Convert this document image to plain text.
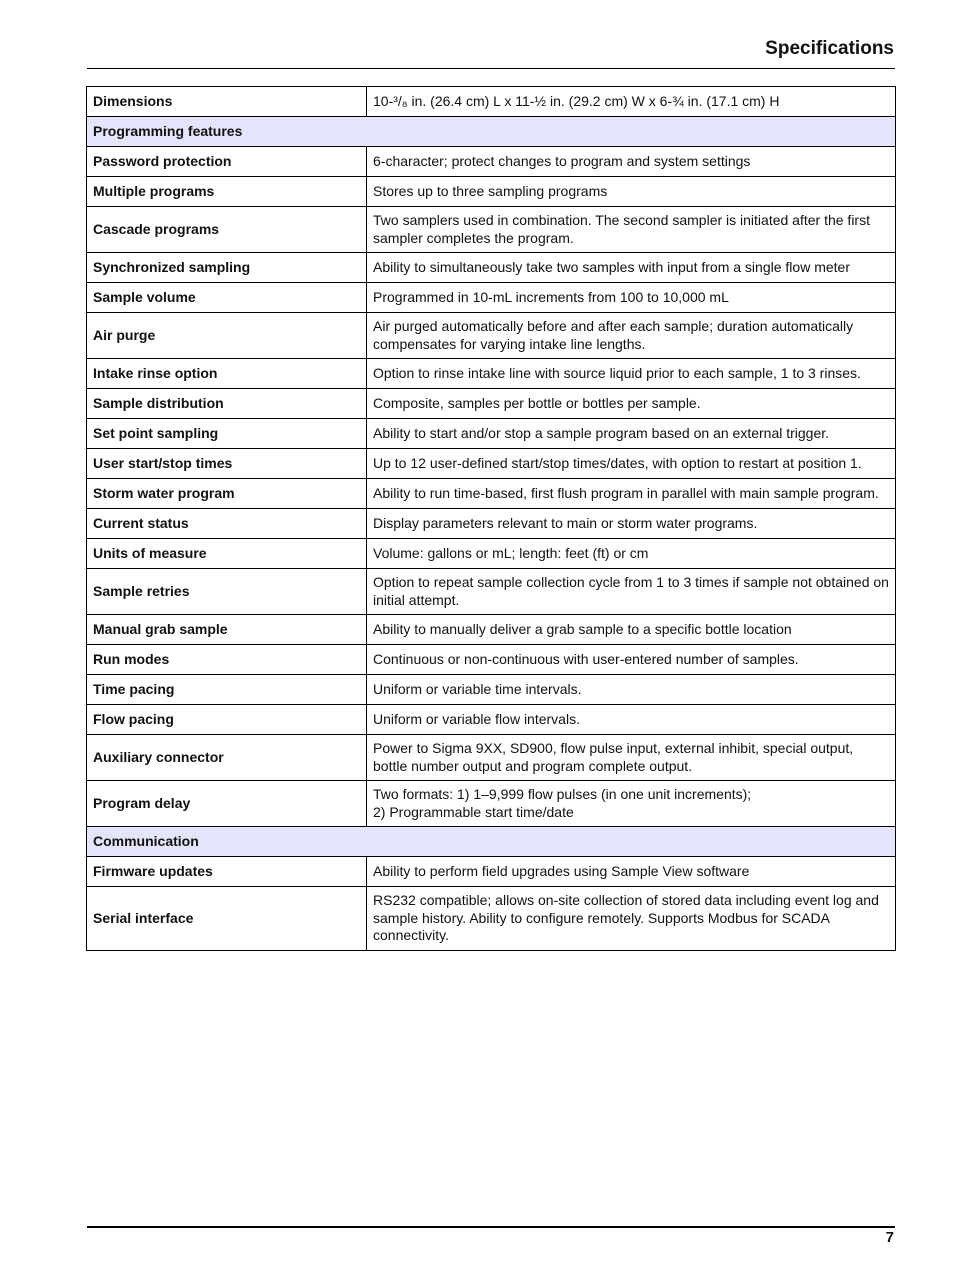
Specifications
Dimensions	10-³/₈ in. (26.4 cm) L x 11-½ in. (29.2 cm) W x 6-¾ in. (17.1 cm) H
Programming features	
Password protection	6-character; protect changes to program and system settings
Multiple programs	Stores up to three sampling programs
Cascade programs	Two samplers used in combination. The second sampler is initiated after the first sampler completes the program.
Synchronized sampling	Ability to simultaneously take two samples with input from a single flow meter
Sample volume	Programmed in 10-mL increments from 100 to 10,000 mL
Air purge	Air purged automatically before and after each sample; duration automatically compensates for varying intake line lengths.
Intake rinse option	Option to rinse intake line with source liquid prior to each sample, 1 to 3 rinses.
Sample distribution	Composite, samples per bottle or bottles per sample.
Set point sampling	Ability to start and/or stop a sample program based on an external trigger.
User start/stop times	Up to 12 user-defined start/stop times/dates, with option to restart at position 1.
Storm water program	Ability to run time-based, first flush program in parallel with main sample program.
Current status	Display parameters relevant to main or storm water programs.
Units of measure	Volume: gallons or mL; length: feet (ft) or cm
Sample retries	Option to repeat sample collection cycle from 1 to 3 times if sample not obtained on initial attempt.
Manual grab sample	Ability to manually deliver a grab sample to a specific bottle location
Run modes	Continuous or non-continuous with user-entered number of samples.
Time pacing	Uniform or variable time intervals.
Flow pacing	Uniform or variable flow intervals.
Auxiliary connector	Power to Sigma 9XX, SD900, flow pulse input, external inhibit, special output, bottle number output and program complete output.
Program delay	Two formats: 1) 1–9,999 flow pulses (in one unit increments);
2) Programmable start time/date

Communication	
Firmware updates	Ability to perform field upgrades using Sample View software
Serial interface	RS232 compatible; allows on-site collection of stored data including event log and sample history. Ability to configure remotely. Supports Modbus for SCADA connectivity.
7
